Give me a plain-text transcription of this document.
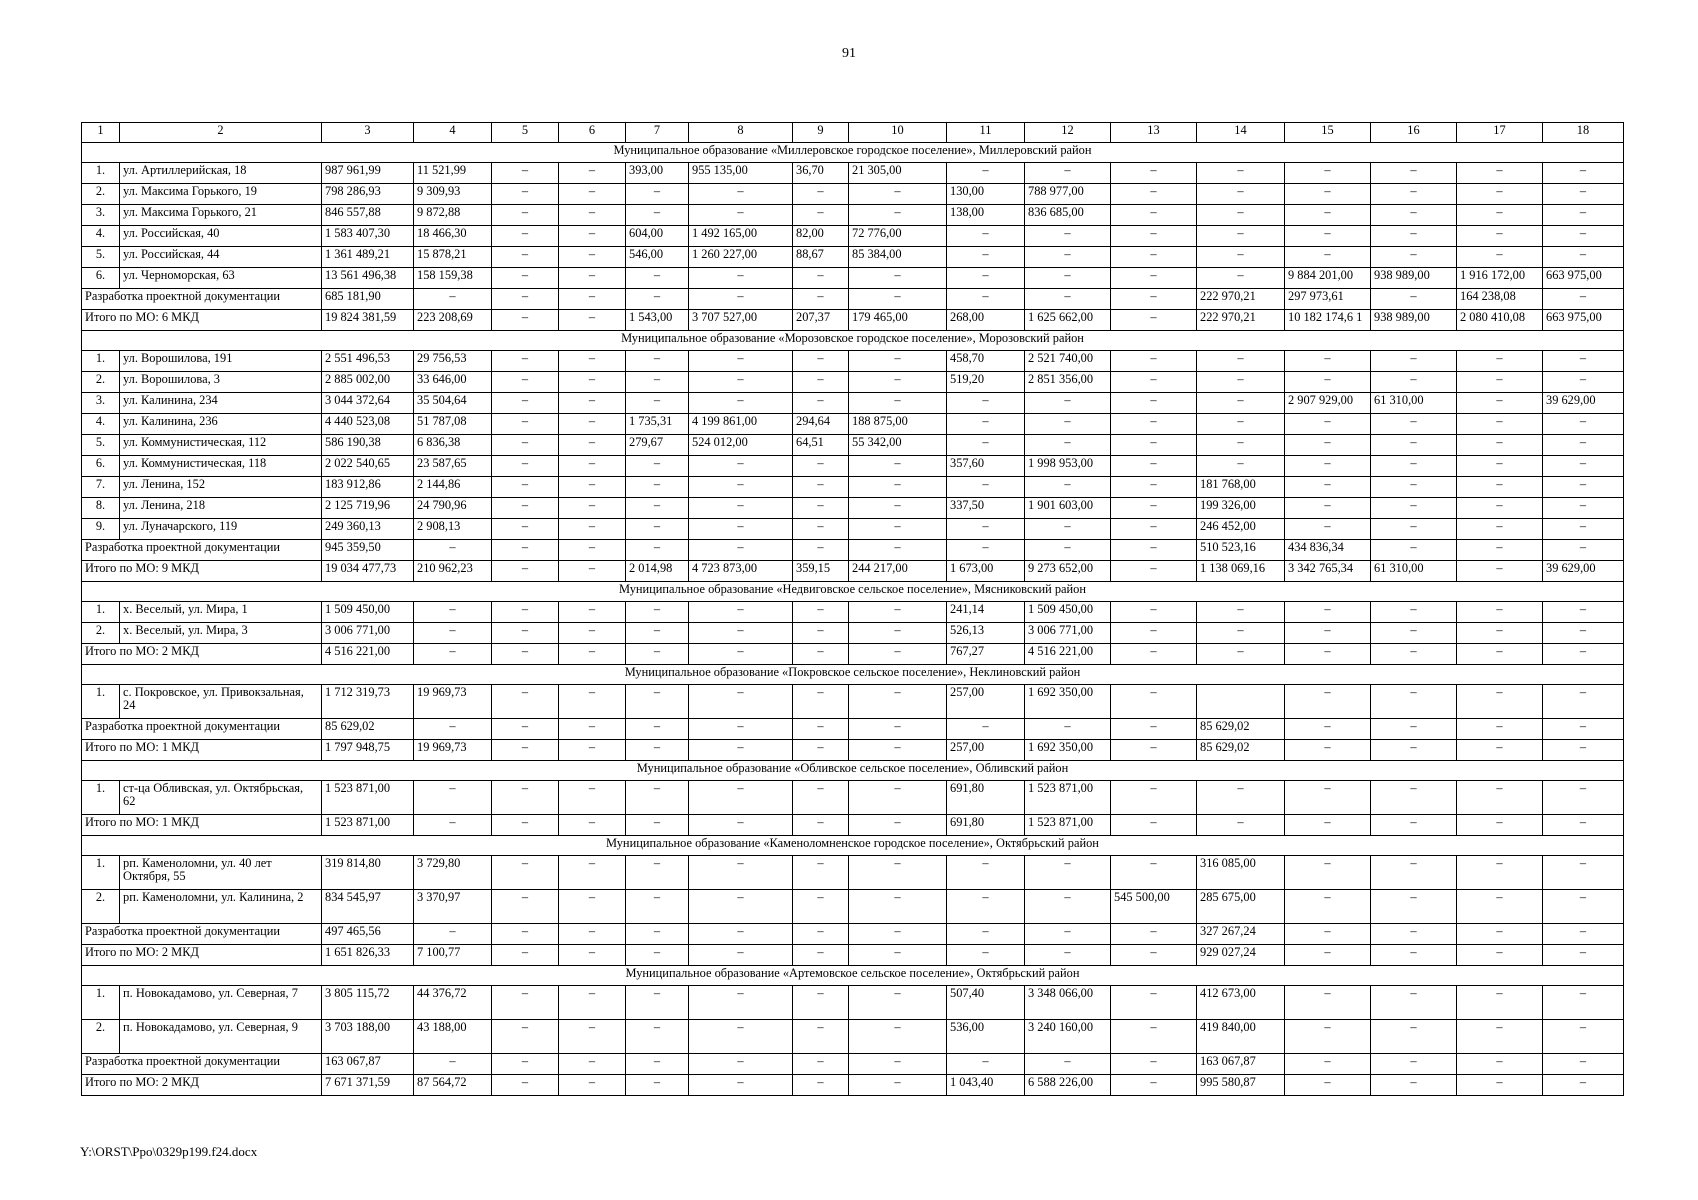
91
1	2	3	4	5	6	7	8	9	10	11	12	13	14	15	16	17	18
Муниципальное образование «Миллеровское городское поселение», Миллеровский район																	
1.	ул. Артиллерийская, 18	987 961,99	11 521,99	–	–	393,00	955 135,00	36,70	21 305,00	–	–	–	–	–	–	–	–
2.	ул. Максима Горького, 19	798 286,93	9 309,93	–	–	–	–	–	–	130,00	788 977,00	–	–	–	–	–	–
3.	ул. Максима Горького, 21	846 557,88	9 872,88	–	–	–	–	–	–	138,00	836 685,00	–	–	–	–	–	–
4.	ул. Российская, 40	1 583 407,30	18 466,30	–	–	604,00	1 492 165,00	82,00	72 776,00	–	–	–	–	–	–	–	–
5.	ул. Российская, 44	1 361 489,21	15 878,21	–	–	546,00	1 260 227,00	88,67	85 384,00	–	–	–	–	–	–	–	–
6.	ул. Черноморская, 63	13 561 496,38	158 159,38	–	–	–	–	–	–	–	–	–	–	9 884 201,00	938 989,00	1 916 172,00	663 975,00
Разработка проектной документации		685 181,90	–	–	–	–	–	–	–	–	–	–	222 970,21	297 973,61	–	164 238,08	–
Итого по МО: 6 МКД		19 824 381,59	223 208,69	–	–	1 543,00	3 707 527,00	207,37	179 465,00	268,00	1 625 662,00	–	222 970,21	10 182 174,6 1	938 989,00	2 080 410,08	663 975,00
Муниципальное образование «Морозовское городское поселение», Морозовский район																	
1.	ул. Ворошилова, 191	2 551 496,53	29 756,53	–	–	–	–	–	–	458,70	2 521 740,00	–	–	–	–	–	–
2.	ул. Ворошилова, 3	2 885 002,00	33 646,00	–	–	–	–	–	–	519,20	2 851 356,00	–	–	–	–	–	–
3.	ул. Калинина, 234	3 044 372,64	35 504,64	–	–	–	–	–	–	–	–	–	–	2 907 929,00	61 310,00	–	39 629,00
4.	ул. Калинина, 236	4 440 523,08	51 787,08	–	–	1 735,31	4 199 861,00	294,64	188 875,00	–	–	–	–	–	–	–	–
5.	ул. Коммунистическая, 112	586 190,38	6 836,38	–	–	279,67	524 012,00	64,51	55 342,00	–	–	–	–	–	–	–	–
6.	ул. Коммунистическая, 118	2 022 540,65	23 587,65	–	–	–	–	–	–	357,60	1 998 953,00	–	–	–	–	–	–
7.	ул. Ленина, 152	183 912,86	2 144,86	–	–	–	–	–	–	–	–	–	181 768,00	–	–	–	–
8.	ул. Ленина, 218	2 125 719,96	24 790,96	–	–	–	–	–	–	337,50	1 901 603,00	–	199 326,00	–	–	–	–
9.	ул. Луначарского, 119	249 360,13	2 908,13	–	–	–	–	–	–	–	–	–	246 452,00	–	–	–	–
Разработка проектной документации		945 359,50	–	–	–	–	–	–	–	–	–	–	510 523,16	434 836,34	–	–	–
Итого по МО: 9 МКД		19 034 477,73	210 962,23	–	–	2 014,98	4 723 873,00	359,15	244 217,00	1 673,00	9 273 652,00	–	1 138 069,16	3 342 765,34	61 310,00	–	39 629,00
Муниципальное образование «Недвиговское сельское поселение», Мясниковский район																	
1.	х. Веселый, ул. Мира, 1	1 509 450,00	–	–	–	–	–	–	–	241,14	1 509 450,00	–	–	–	–	–	–
2.	х. Веселый, ул. Мира, 3	3 006 771,00	–	–	–	–	–	–	–	526,13	3 006 771,00	–	–	–	–	–	–
Итого по МО: 2 МКД		4 516 221,00	–	–	–	–	–	–	–	767,27	4 516 221,00	–	–	–	–	–	–
Муниципальное образование «Покровское сельское поселение», Неклиновский район																	
1.	с. Покровское, ул. Привокзальная, 24	1 712 319,73	19 969,73	–	–	–	–	–	–	257,00	1 692 350,00	–		–	–	–	–
Разработка проектной документации		85 629,02	–	–	–	–	–	–	–	–	–	–	85 629,02	–	–	–	–
Итого по МО: 1 МКД		1 797 948,75	19 969,73	–	–	–	–	–	–	257,00	1 692 350,00	–	85 629,02	–	–	–	–
Муниципальное образование «Обливское сельское поселение», Обливский район																	
1.	ст-ца Обливская, ул. Октябрьская, 62	1 523 871,00	–	–	–	–	–	–	–	691,80	1 523 871,00	–	–	–	–	–	–
Итого по МО: 1 МКД		1 523 871,00	–	–	–	–	–	–	–	691,80	1 523 871,00	–	–	–	–	–	–
Муниципальное образование «Каменоломненское городское поселение», Октябрьский район																	
1.	рп. Каменоломни, ул. 40 лет Октября, 55	319 814,80	3 729,80	–	–	–	–	–	–	–	–	–	316 085,00	–	–	–	–
2.	рп. Каменоломни, ул. Калинина, 2	834 545,97	3 370,97	–	–	–	–	–	–	–	–	545 500,00	285 675,00	–	–	–	–
Разработка проектной документации		497 465,56	–	–	–	–	–	–	–	–	–	–	327 267,24	–	–	–	–
Итого по МО: 2 МКД		1 651 826,33	7 100,77	–	–	–	–	–	–	–	–	–	929 027,24	–	–	–	–
Муниципальное образование «Артемовское сельское поселение», Октябрьский район																	
1.	п. Новокадамово, ул. Северная, 7	3 805 115,72	44 376,72	–	–	–	–	–	–	507,40	3 348 066,00	–	412 673,00	–	–	–	–
2.	п. Новокадамово, ул. Северная, 9	3 703 188,00	43 188,00	–	–	–	–	–	–	536,00	3 240 160,00	–	419 840,00	–	–	–	–
Разработка проектной документации		163 067,87	–	–	–	–	–	–	–	–	–	–	163 067,87	–	–	–	–
Итого по МО: 2 МКД		7 671 371,59	87 564,72	–	–	–	–	–	–	1 043,40	6 588 226,00	–	995 580,87	–	–	–	–
Y:\ORST\Ppo\0329p199.f24.docx
